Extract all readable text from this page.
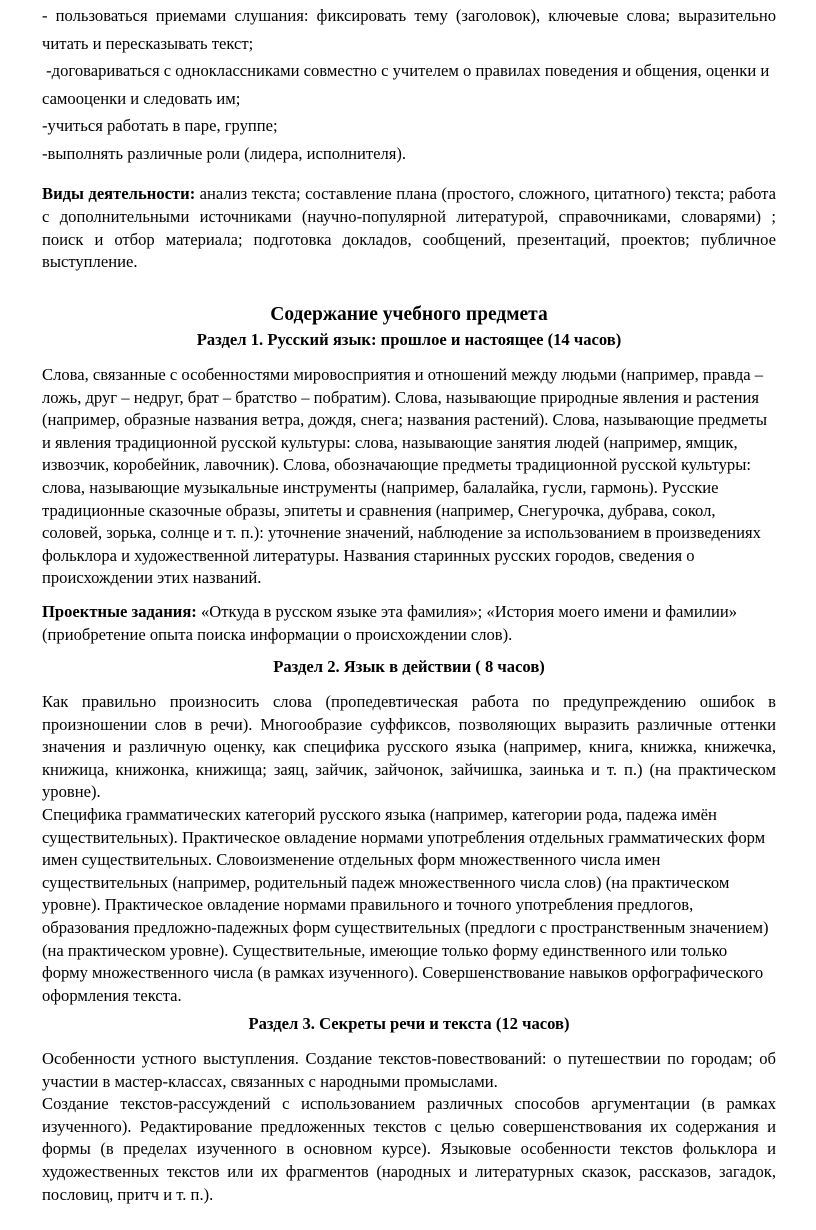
- пользоваться приемами слушания: фиксировать тему (заголовок), ключевые слова; выразительно читать и пересказывать текст;

-договариваться с одноклассниками совместно с учителем о правилах поведения и общения, оценки и самооценки и следовать им;

-учиться работать в паре, группе;

-выполнять различные роли (лидера, исполнителя).

Виды деятельности: анализ текста; составление плана (простого, сложного, цитатного) текста; работа с дополнительными источниками (научно-популярной литературой, справочниками, словарями) ; поиск и отбор материала; подготовка докладов, сообщений, презентаций, проектов; публичное выступление.

Содержание учебного предмета
Раздел 1. Русский язык: прошлое и настоящее (14 часов)

Слова, связанные с особенностями мировосприятия и отношений между людьми (например, правда – ложь, друг – недруг, брат – братство – побратим). Слова, называющие природные явления и растения (например, образные названия ветра, дождя, снега; названия растений). Слова, называющие предметы и явления традиционной русской культуры: слова, называющие занятия людей (например, ямщик, извозчик, коробейник, лавочник). Слова, обозначающие предметы традиционной русской культуры: слова, называющие музыкальные инструменты (например, балалайка, гусли, гармонь). Русские традиционные сказочные образы, эпитеты и сравнения (например, Снегурочка, дубрава, сокол, соловей, зорька, солнце и т. п.): уточнение значений, наблюдение за использованием в произведениях фольклора и художественной литературы. Названия старинных русских городов, сведения о происхождении этих названий.

Проектные задания: «Откуда в русском языке эта фамилия»; «История моего имени и фамилии» (приобретение опыта поиска информации о происхождении слов).

Раздел 2. Язык в действии ( 8 часов)

Как правильно произносить слова (пропедевтическая работа по предупреждению ошибок в произношении слов в речи). Многообразие суффиксов, позволяющих выразить различные оттенки значения и различную оценку, как специфика русского языка (например, книга, книжка, книжечка, книжица, книжонка, книжища; заяц, зайчик, зайчонок, зайчишка, заинька и т. п.) (на практическом уровне).

Специфика грамматических категорий русского языка (например, категории рода, падежа имён существительных). Практическое овладение нормами употребления отдельных грамматических форм имен существительных. Словоизменение отдельных форм множественного числа имен существительных (например, родительный падеж множественного числа слов) (на практическом уровне). Практическое овладение нормами правильного и точного употребления предлогов, образования предложно-падежных форм существительных (предлоги с пространственным значением) (на практическом уровне). Существительные, имеющие только форму единственного или только форму множественного числа (в рамках изученного). Совершенствование навыков орфографического оформления текста.

Раздел 3. Секреты речи и текста (12 часов)

Особенности устного выступления. Создание текстов-повествований: о путешествии по городам; об участии в мастер-классах, связанных с народными промыслами.

Создание текстов-рассуждений с использованием различных способов аргументации (в рамках изученного). Редактирование предложенных текстов с целью совершенствования их содержания и формы (в пределах изученного в основном курсе). Языковые особенности текстов фольклора и художественных текстов или их фрагментов (народных и литературных сказок, рассказов, загадок, пословиц, притч и т. п.).
